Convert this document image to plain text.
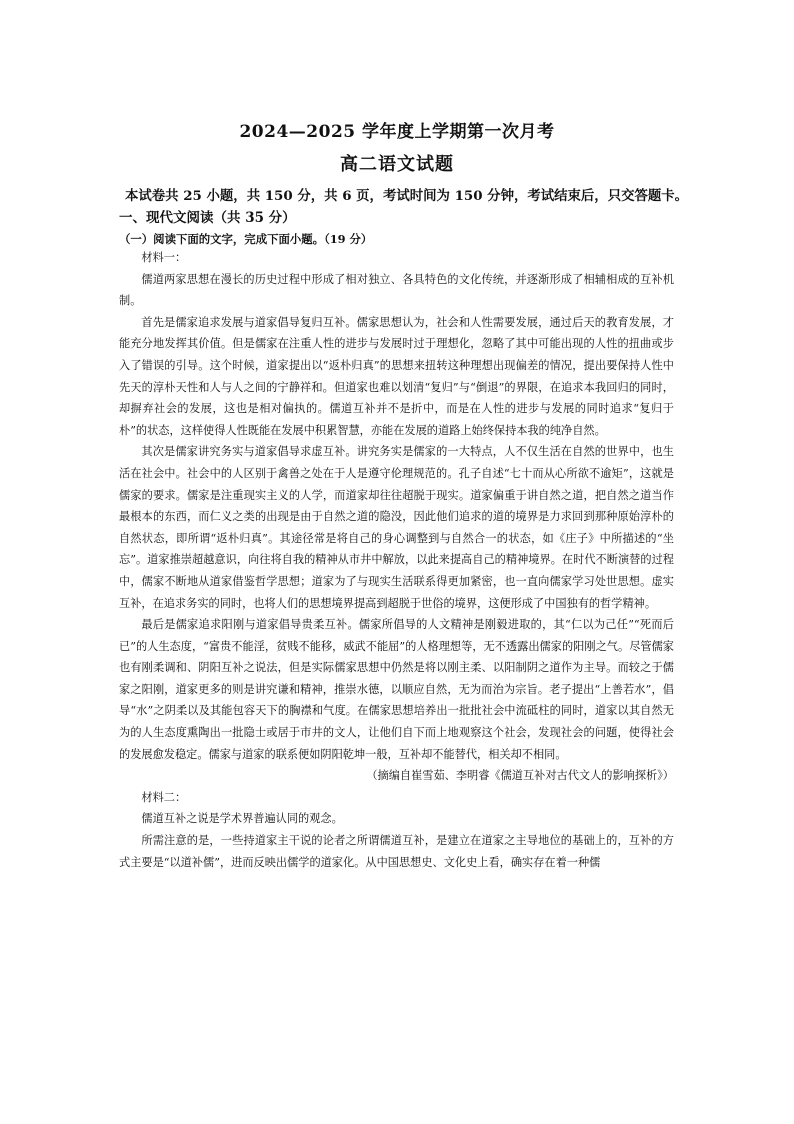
2024—2025 学年度上学期第一次月考
高二语文试题
本试卷共 25 小题，共 150 分，共 6 页，考试时间为 150 分钟，考试结束后，只交答题卡。
一、现代文阅读（共 35 分）
（一）阅读下面的文字，完成下面小题。（19 分）

材料一：

儒道两家思想在漫长的历史过程中形成了相对独立、各具特色的文化传统，并逐渐形成了相辅相成的互补机制。

首先是儒家追求发展与道家倡导复归互补。儒家思想认为，社会和人性需要发展，通过后天的教育发展，才能充分地发挥其价值。但是儒家在注重人性的进步与发展时过于理想化，忽略了其中可能出现的人性的扭曲或步入了错误的引导。这个时候，道家提出以“返朴归真”的思想来扭转这种理想出现偏差的情况，提出要保持人性中先天的淳朴天性和人与人之间的宁静祥和。但道家也难以划清“复归”与“倒退”的界限，在追求本我回归的同时，却摒弃社会的发展，这也是相对偏执的。儒道互补并不是折中，而是在人性的进步与发展的同时追求“复归于朴”的状态，这样使得人性既能在发展中积累智慧，亦能在发展的道路上始终保持本我的纯净自然。

其次是儒家讲究务实与道家倡导求虚互补。讲究务实是儒家的一大特点，人不仅生活在自然的世界中，也生活在社会中。社会中的人区别于禽兽之处在于人是遵守伦理规范的。孔子自述“七十而从心所欲不逾矩”，这就是儒家的要求。儒家是注重现实主义的人学，而道家却往往超脱于现实。道家偏重于讲自然之道，把自然之道当作最根本的东西，而仁义之类的出现是由于自然之道的隐没，因此他们追求的道的境界是力求回到那种原始淳朴的自然状态，即所谓“返朴归真”。其途径常是将自己的身心调整到与自然合一的状态，如《庄子》中所描述的“坐忘”。道家推崇超越意识，向往将自我的精神从市井中解放，以此来提高自己的精神境界。在时代不断演替的过程中，儒家不断地从道家借鉴哲学思想；道家为了与现实生活联系得更加紧密，也一直向儒家学习处世思想。虚实互补，在追求务实的同时，也将人们的思想境界提高到超脱于世俗的境界，这便形成了中国独有的哲学精神。

最后是儒家追求阳刚与道家倡导贵柔互补。儒家所倡导的人文精神是刚毅进取的，其“仁以为己任”“死而后已”的人生态度，“富贵不能淫，贫贱不能移，威武不能屈”的人格理想等，无不透露出儒家的阳刚之气。尽管儒家也有刚柔调和、阴阳互补之说法，但是实际儒家思想中仍然是将以刚主柔、以阳制阴之道作为主导。而较之于儒家之阳刚，道家更多的则是讲究谦和精神，推崇水德，以顺应自然，无为而治为宗旨。老子提出“上善若水”，倡导“水”之阴柔以及其能包容天下的胸襟和气度。在儒家思想培养出一批批社会中流砥柱的同时，道家以其自然无为的人生态度熏陶出一批隐士或居于市井的文人，让他们自下而上地观察这个社会，发现社会的问题，使得社会的发展愈发稳定。儒家与道家的联系便如阴阳乾坤一般，互补却不能替代，相关却不相同。

（摘编自崔雪茹、李明睿《儒道互补对古代文人的影响探析》）

材料二：

儒道互补之说是学术界普遍认同的观念。

所需注意的是，一些持道家主干说的论者之所谓儒道互补，是建立在道家之主导地位的基础上的，互补的方式主要是“以道补儒”，进而反映出儒学的道家化。从中国思想史、文化史上看，确实存在着一种儒
